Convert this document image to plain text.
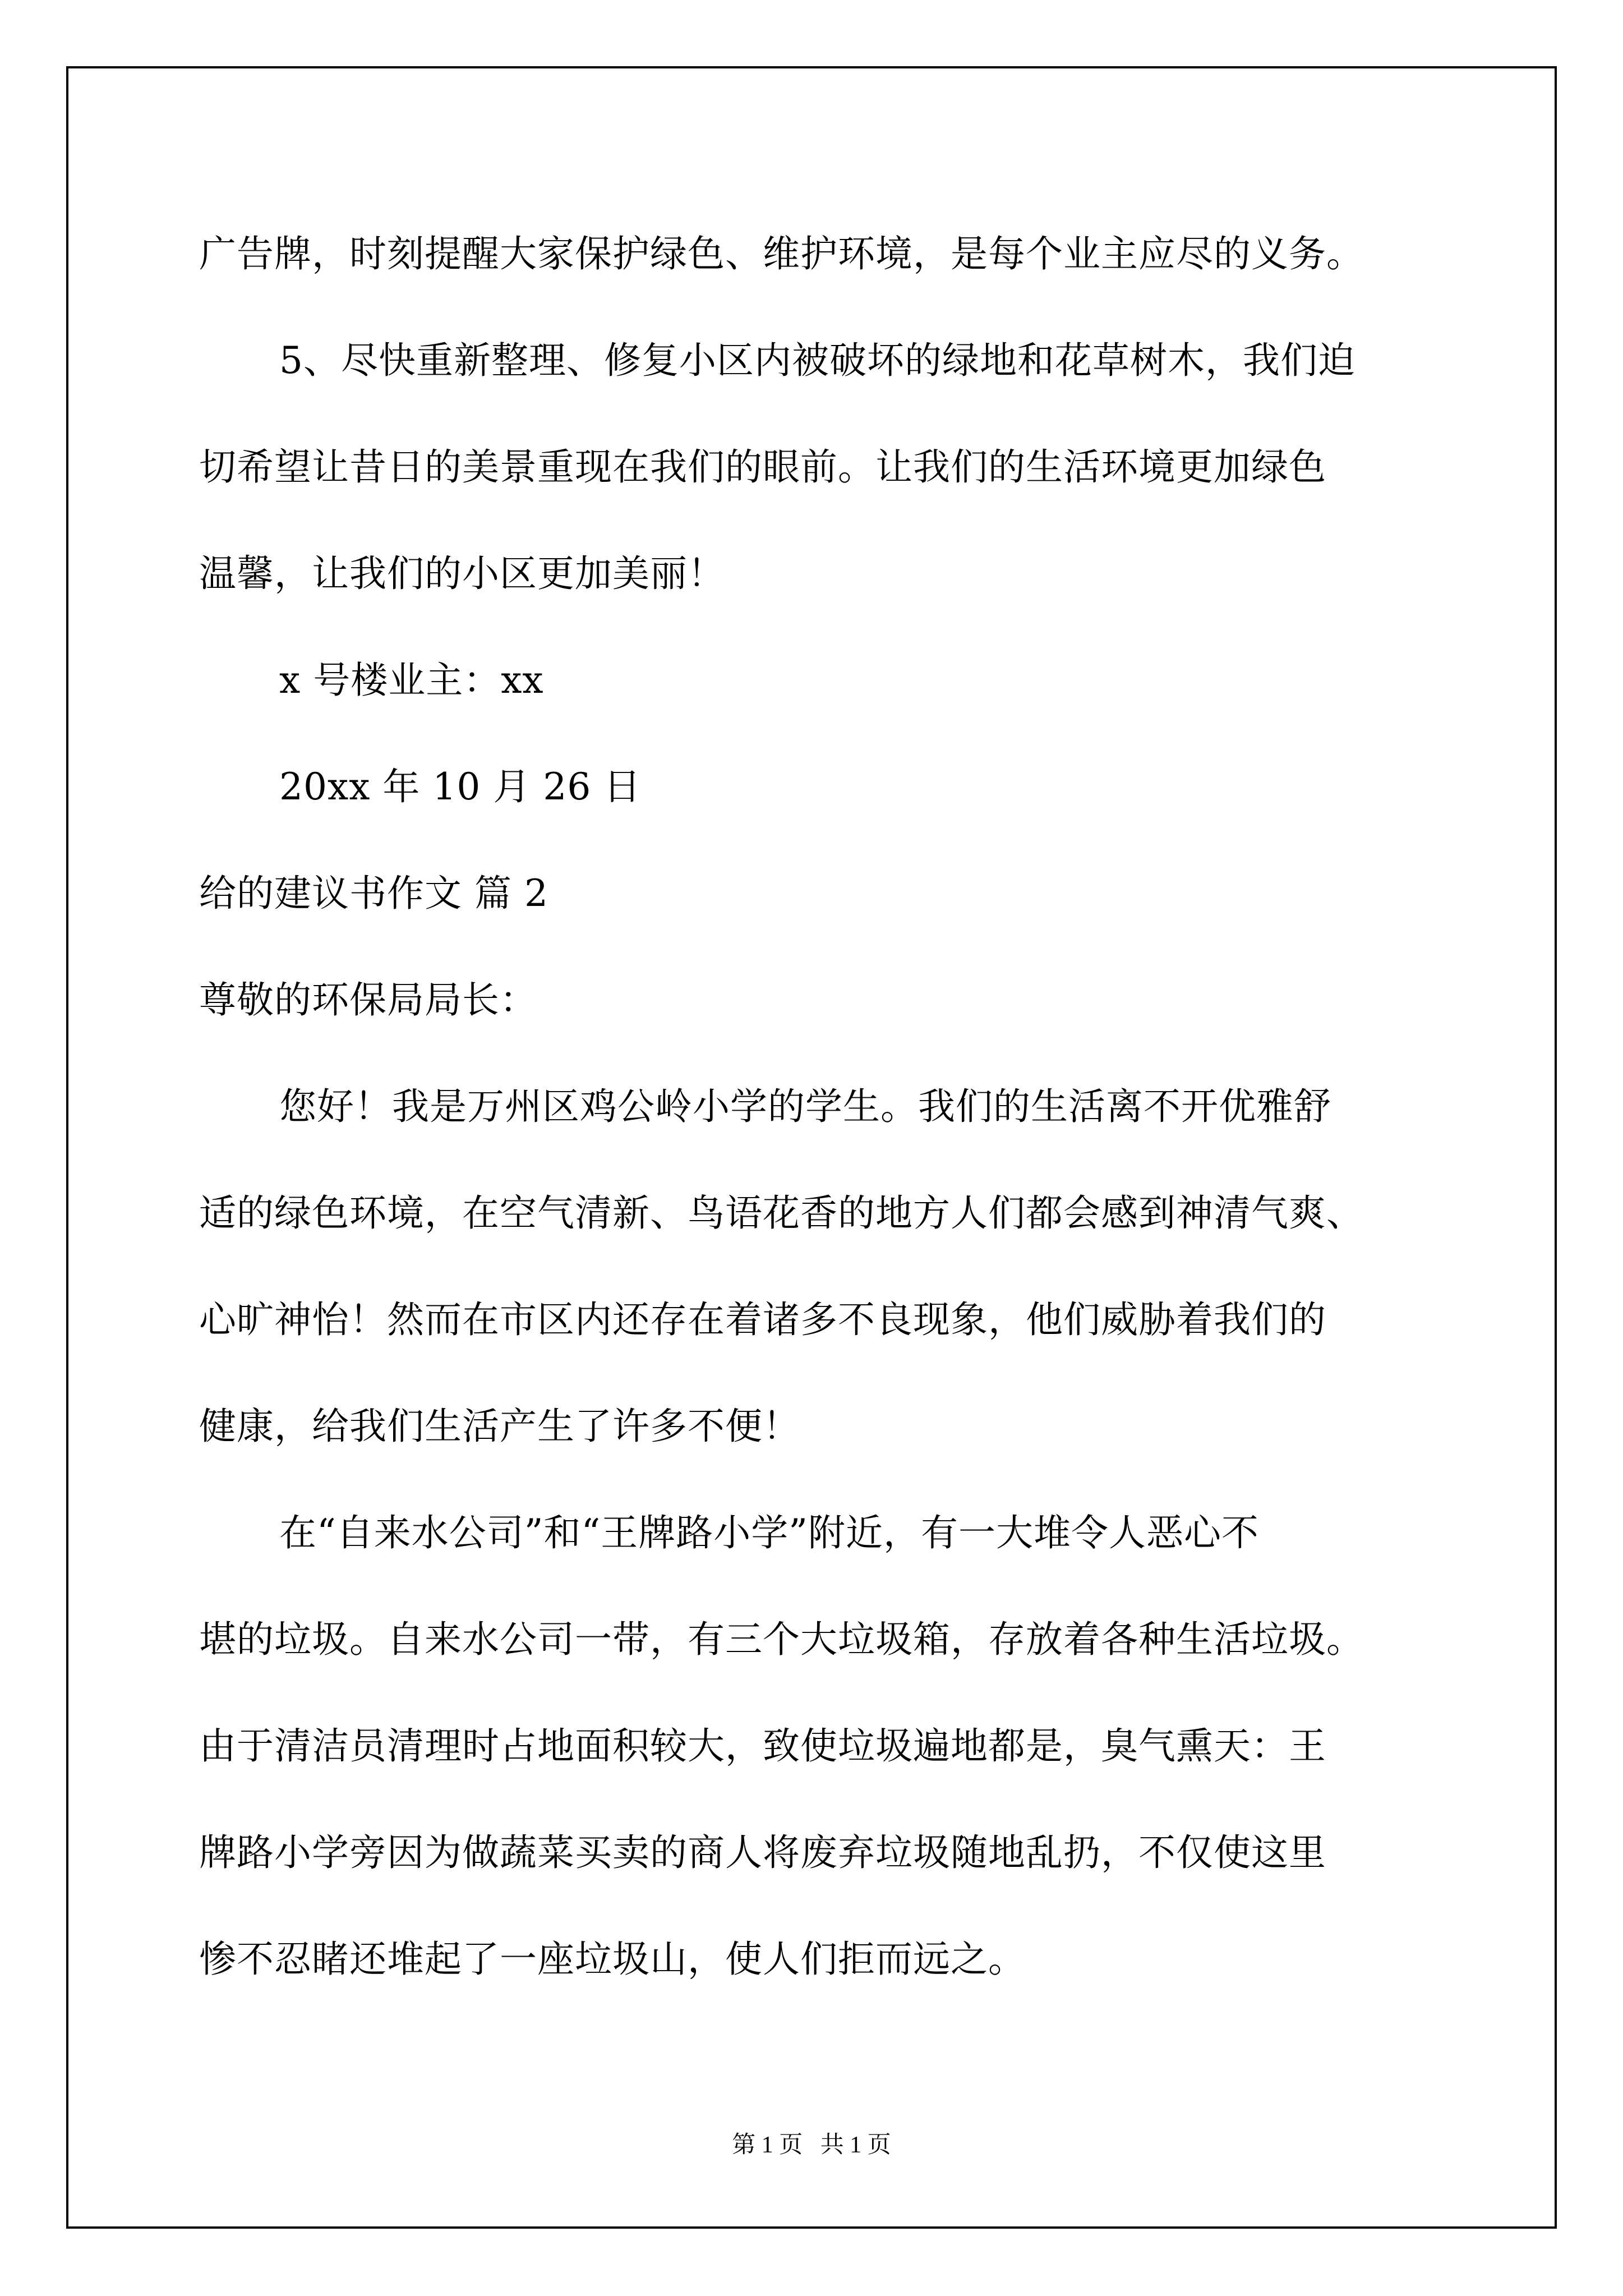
广告牌，时刻提醒大家保护绿色、维护环境，是每个业主应尽的义务。
5、尽快重新整理、修复小区内被破坏的绿地和花草树木，我们迫
切希望让昔日的美景重现在我们的眼前。让我们的生活环境更加绿色
温馨，让我们的小区更加美丽！
x 号楼业主：xx
20xx 年 10 月 26 日
给的建议书作文 篇 2
尊敬的环保局局长：
您好！我是万州区鸡公岭小学的学生。我们的生活离不开优雅舒
适的绿色环境，在空气清新、鸟语花香的地方人们都会感到神清气爽、
心旷神怡！然而在市区内还存在着诸多不良现象，他们威胁着我们的
健康，给我们生活产生了许多不便！
在“自来水公司”和“王牌路小学”附近，有一大堆令人恶心不
堪的垃圾。自来水公司一带，有三个大垃圾箱，存放着各种生活垃圾。
由于清洁员清理时占地面积较大，致使垃圾遍地都是，臭气熏天：王
牌路小学旁因为做蔬菜买卖的商人将废弃垃圾随地乱扔，不仅使这里
惨不忍睹还堆起了一座垃圾山，使人们拒而远之。
第 1 页   共 1 页
